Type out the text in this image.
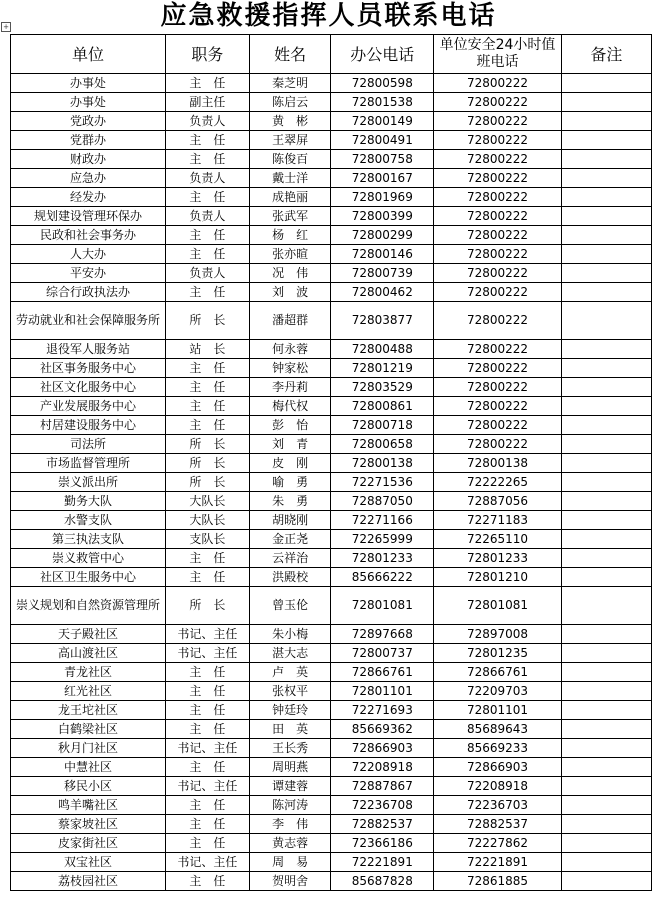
应急救援指挥人员联系电话
+
单位	职务	姓名	办公电话	单位安全24小时值班电话	备注
办事处	主　任	秦芝明	72800598	72800222	
办事处	副主任	陈启云	72801538	72800222	
党政办	负责人	黄　彬	72800149	72800222	
党群办	主　任	王翠屏	72800491	72800222	
财政办	主　任	陈俊百	72800758	72800222	
应急办	负责人	戴士洋	72800167	72800222	
经发办	主　任	成艳丽	72801969	72800222	
规划建设管理环保办	负责人	张武军	72800399	72800222	
民政和社会事务办	主　任	杨　红	72800299	72800222	
人大办	主　任	张亦暄	72800146	72800222	
平安办	负责人	况　伟	72800739	72800222	
综合行政执法办	主　任	刘　波	72800462	72800222	
劳动就业和社会保障服务所	所　长	潘超群	72803877	72800222	
退役军人服务站	站　长	何永蓉	72800488	72800222	
社区事务服务中心	主　任	钟家松	72801219	72800222	
社区文化服务中心	主　任	李丹莉	72803529	72800222	
产业发展服务中心	主　任	梅代权	72800861	72800222	
村居建设服务中心	主　任	彭　怡	72800718	72800222	
司法所	所　长	刘　青	72800658	72800222	
市场监督管理所	所　长	皮　刚	72800138	72800138	
崇义派出所	所　长	喻　勇	72271536	72222265	
勤务大队	大队长	朱　勇	72887050	72887056	
水警支队	大队长	胡晓刚	72271166	72271183	
第三执法支队	支队长	金正尧	72265999	72265110	
崇义救管中心	主　任	云祥治	72801233	72801233	
社区卫生服务中心	主　任	洪殿校	85666222	72801210	
崇义规划和自然资源管理所	所　长	曾玉伦	72801081	72801081	
天子殿社区	书记、主任	朱小梅	72897668	72897008	
高山渡社区	书记、主任	湛大志	72800737	72801235	
青龙社区	主　任	卢　英	72866761	72866761	
红光社区	主　任	张权平	72801101	72209703	
龙王坨社区	主　任	钟廷玲	72271693	72801101	
白鹤梁社区	主　任	田　英	85669362	85689643	
秋月门社区	书记、主任	王长秀	72866903	85669233	
中慧社区	主　任	周明燕	72208918	72866903	
移民小区	书记、主任	谭建蓉	72887867	72208918	
鸣羊嘴社区	主　任	陈河涛	72236708	72236703	
蔡家坡社区	主　任	李　伟	72882537	72882537	
皮家街社区	主　任	黄志蓉	72366186	72227862	
双宝社区	书记、主任	周　易	72221891	72221891	
荔枝园社区	主　任	贺明舍	85687828	72861885	
